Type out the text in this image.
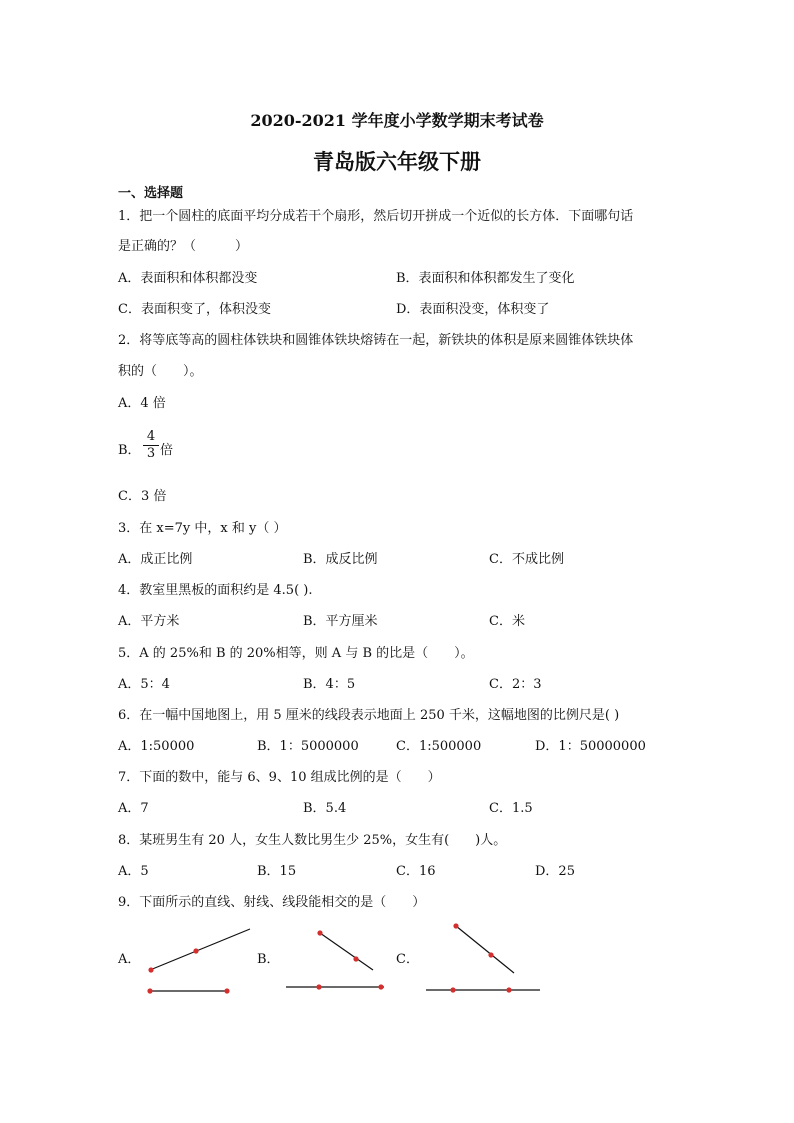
2020-2021 学年度小学数学期末考试卷
青岛版六年级下册
一、选择题
1．把一个圆柱的底面平均分成若干个扇形，然后切开拼成一个近似的长方体．下面哪句话
是正确的？（　　　）
A．表面积和体积都没变	B．表面积和体积都发生了变化
C．表面积变了，体积没变	D．表面积没变，体积变了
2．将等底等高的圆柱体铁块和圆锥体铁块熔铸在一起，新铁块的体积是原来圆锥体铁块体
积的（　　）。
A．4 倍
B．
4
3 倍
C．3 倍
3．在 x=7y 中，x 和 y（ ）
A．成正比例	B．成反比例	C．不成比例
4．教室里黑板的面积约是 4.5( ).
A．平方米	B．平方厘米	C．米
5．A 的 25%和 B 的 20%相等，则 A 与 B 的比是（　　）。
A．5：4	B．4：5	C．2：3
6．在一幅中国地图上，用 5 厘米的线段表示地面上 250 千米，这幅地图的比例尺是( )
A．1:50000	B．1：5000000	C．1:500000	D．1：50000000
7．下面的数中，能与 6、9、10 组成比例的是（　　）
A．7	B．5.4	C．1.5
8．某班男生有 20 人，女生人数比男生少 25%，女生有(　　)人。
A．5	B．15	C．16	D．25
9．下面所示的直线、射线、线段能相交的是（　　）
A．	B．	C．
